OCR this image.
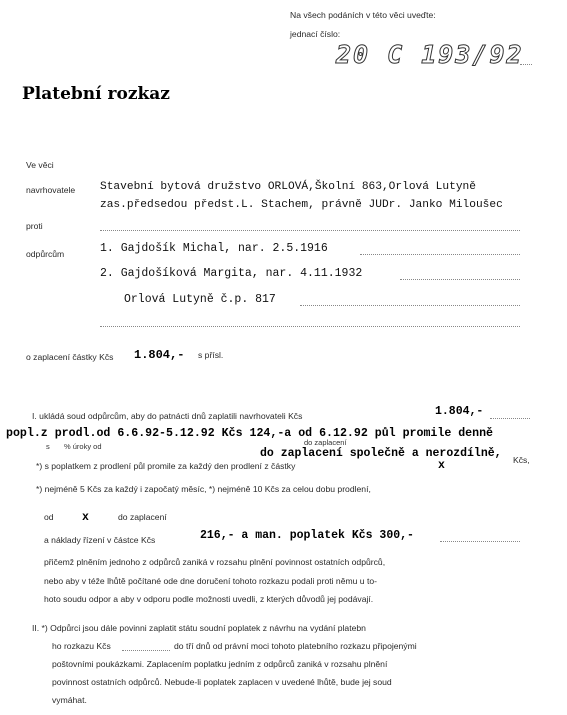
Na všech podáních v této věci uveďte:
jednací číslo:
20 C 193/92
Platební rozkaz
Ve věci
navrhovatele Stavební bytová družstvo ORLOVÁ,Školní 863,Orlová Lutyně
zas.předsedou předst.L. Stachem, právně JUDr. Janko Miloušec
proti
odpůrcům	1. Gajdošík Michal, nar. 2.5.1916
2. Gajdošíková Margita, nar. 4.11.1932
Orlová Lutyně č.p. 817
o zaplacení částky Kčs 1.804,- s přísl.
I. ukládá soud odpůrcům, aby do patnácti dnů zaplatili navrhovateli Kčs	1.804,-
popl.z prodl.od 6.6.92-5.12.92 Kčs 124,-a od 6.12.92 půl promile denně
s % úroky od	do zaplacení
do zaplacení společně a nerozdílně,
*) s poplatkem z prodlení půl promile za každý den prodlení z částky	x	Kčs,
*) nejméně 5 Kčs za každý i započatý měsíc, *) nejméně 10 Kčs za celou dobu prodlení,
od x	do zaplacení
a náklady řízení v částce Kčs	216,- a man. poplatek Kčs 300,-
přičemž plněním jednoho z odpůrců zaniká v rozsahu plnění povinnost ostatních odpůrců,
nebo aby v téže lhůtě počítané ode dne doručení tohoto rozkazu podali proti němu u to-
hoto soudu odpor a aby v odporu podle možnosti uvedli, z kterých důvodů jej podávají.
II. *) Odpůrci jsou dále povinni zaplatit státu soudní poplatek z návrhu na vydání platebn
ho rozkazu Kčs	do tří dnů od právní moci tohoto platebního rozkazu připojenými
poštovními poukázkami. Zaplacením poplatku jedním z odpůrců zaniká v rozsahu plnění
povinnost ostatních odpůrců. Nebude-li poplatek zaplacen v uvedené lhůtě, bude jej soud
vymáhat.
